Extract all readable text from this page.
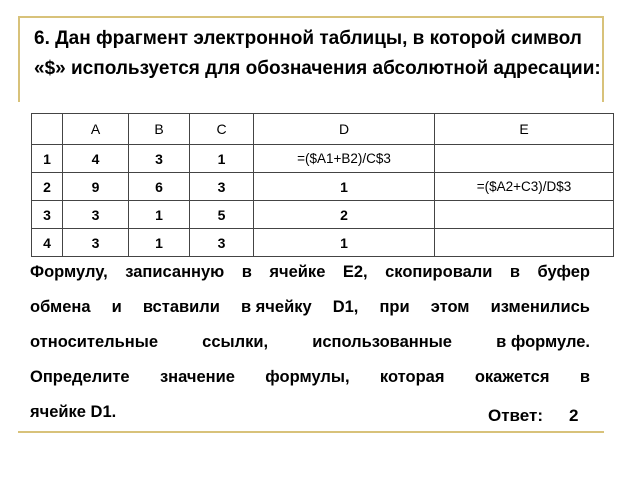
6. Дан фрагмент электронной таблицы, в которой символ
«$» используется для обозначения абсолютной адресации:
	A	B	C	D	E
1	4	3	1	=($A1+B2)/C$3	
2	9	6	3	1	=($A2+C3)/D$3
3	3	1	5	2	
4	3	1	3	1	
Формулу, записанную в ячейке Е2, скопировали в буфер
обмена и вставили в ячейку D1, при этом изменились
относительные	ссылки,	использованные	в формуле.
Определите значение формулы, которая окажется в
ячейке D1.	Ответ: 2
